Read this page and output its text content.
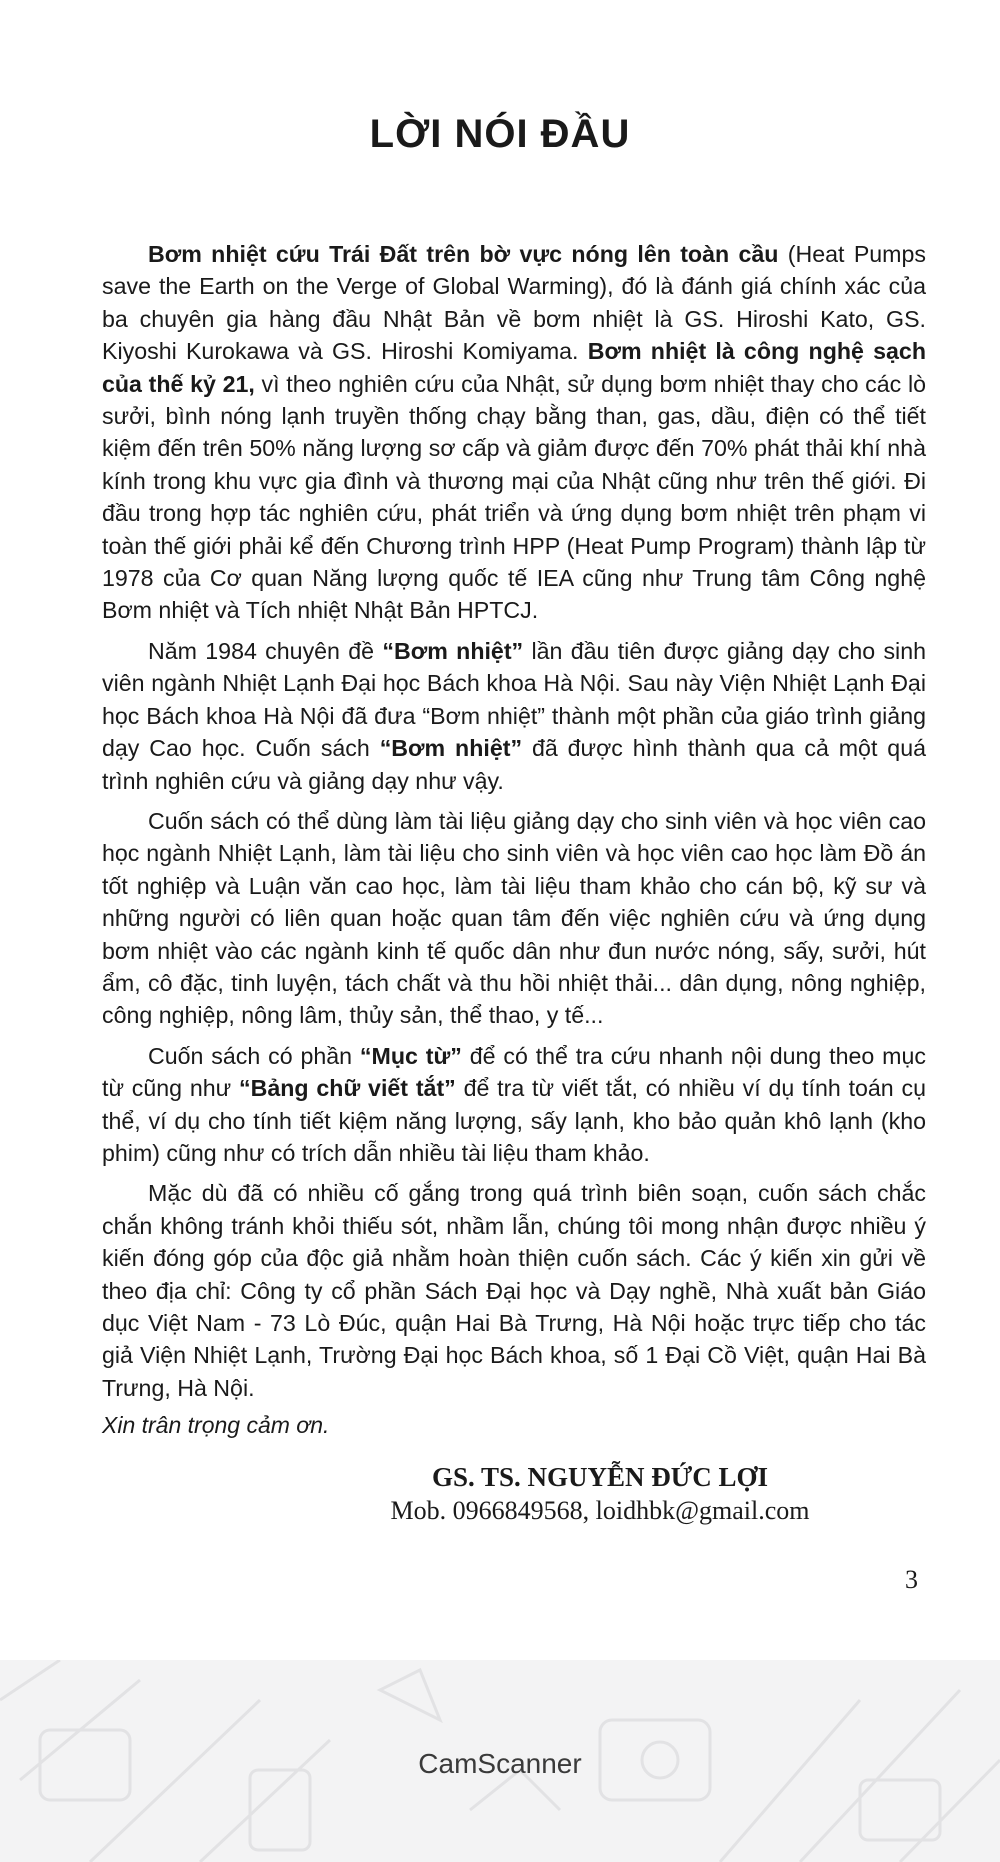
LỜI NÓI ĐẦU

Bơm nhiệt cứu Trái Đất trên bờ vực nóng lên toàn cầu (Heat Pumps save the Earth on the Verge of Global Warming), đó là đánh giá chính xác của ba chuyên gia hàng đầu Nhật Bản về bơm nhiệt là GS. Hiroshi Kato, GS. Kiyoshi Kurokawa và GS. Hiroshi Komiyama. Bơm nhiệt là công nghệ sạch của thế kỷ 21, vì theo nghiên cứu của Nhật, sử dụng bơm nhiệt thay cho các lò sưởi, bình nóng lạnh truyền thống chạy bằng than, gas, dầu, điện có thể tiết kiệm đến trên 50% năng lượng sơ cấp và giảm được đến 70% phát thải khí nhà kính trong khu vực gia đình và thương mại của Nhật cũng như trên thế giới. Đi đầu trong hợp tác nghiên cứu, phát triển và ứng dụng bơm nhiệt trên phạm vi toàn thế giới phải kể đến Chương trình HPP (Heat Pump Program) thành lập từ 1978 của Cơ quan Năng lượng quốc tế IEA cũng như Trung tâm Công nghệ Bơm nhiệt và Tích nhiệt Nhật Bản HPTCJ.

Năm 1984 chuyên đề “Bơm nhiệt” lần đầu tiên được giảng dạy cho sinh viên ngành Nhiệt Lạnh Đại học Bách khoa Hà Nội. Sau này Viện Nhiệt Lạnh Đại học Bách khoa Hà Nội đã đưa “Bơm nhiệt” thành một phần của giáo trình giảng dạy Cao học. Cuốn sách “Bơm nhiệt” đã được hình thành qua cả một quá trình nghiên cứu và giảng dạy như vậy.

Cuốn sách có thể dùng làm tài liệu giảng dạy cho sinh viên và học viên cao học ngành Nhiệt Lạnh, làm tài liệu cho sinh viên và học viên cao học làm Đồ án tốt nghiệp và Luận văn cao học, làm tài liệu tham khảo cho cán bộ, kỹ sư và những người có liên quan hoặc quan tâm đến việc nghiên cứu và ứng dụng bơm nhiệt vào các ngành kinh tế quốc dân như đun nước nóng, sấy, sưởi, hút ẩm, cô đặc, tinh luyện, tách chất và thu hồi nhiệt thải... dân dụng, nông nghiệp, công nghiệp, nông lâm, thủy sản, thể thao, y tế...

Cuốn sách có phần “Mục từ” để có thể tra cứu nhanh nội dung theo mục từ cũng như “Bảng chữ viết tắt” để tra từ viết tắt, có nhiều ví dụ tính toán cụ thể, ví dụ cho tính tiết kiệm năng lượng, sấy lạnh, kho bảo quản khô lạnh (kho phim) cũng như có trích dẫn nhiều tài liệu tham khảo.

Mặc dù đã có nhiều cố gắng trong quá trình biên soạn, cuốn sách chắc chắn không tránh khỏi thiếu sót, nhầm lẫn, chúng tôi mong nhận được nhiều ý kiến đóng góp của độc giả nhằm hoàn thiện cuốn sách. Các ý kiến xin gửi về theo địa chỉ: Công ty cổ phần Sách Đại học và Dạy nghề, Nhà xuất bản Giáo dục Việt Nam - 73 Lò Đúc, quận Hai Bà Trưng, Hà Nội hoặc trực tiếp cho tác giả Viện Nhiệt Lạnh, Trường Đại học Bách khoa, số 1 Đại Cồ Việt, quận Hai Bà Trưng, Hà Nội.

Xin trân trọng cảm ơn.
GS. TS. NGUYỄN ĐỨC LỢI
Mob. 0966849568, loidhbk@gmail.com
3
CamScanner
